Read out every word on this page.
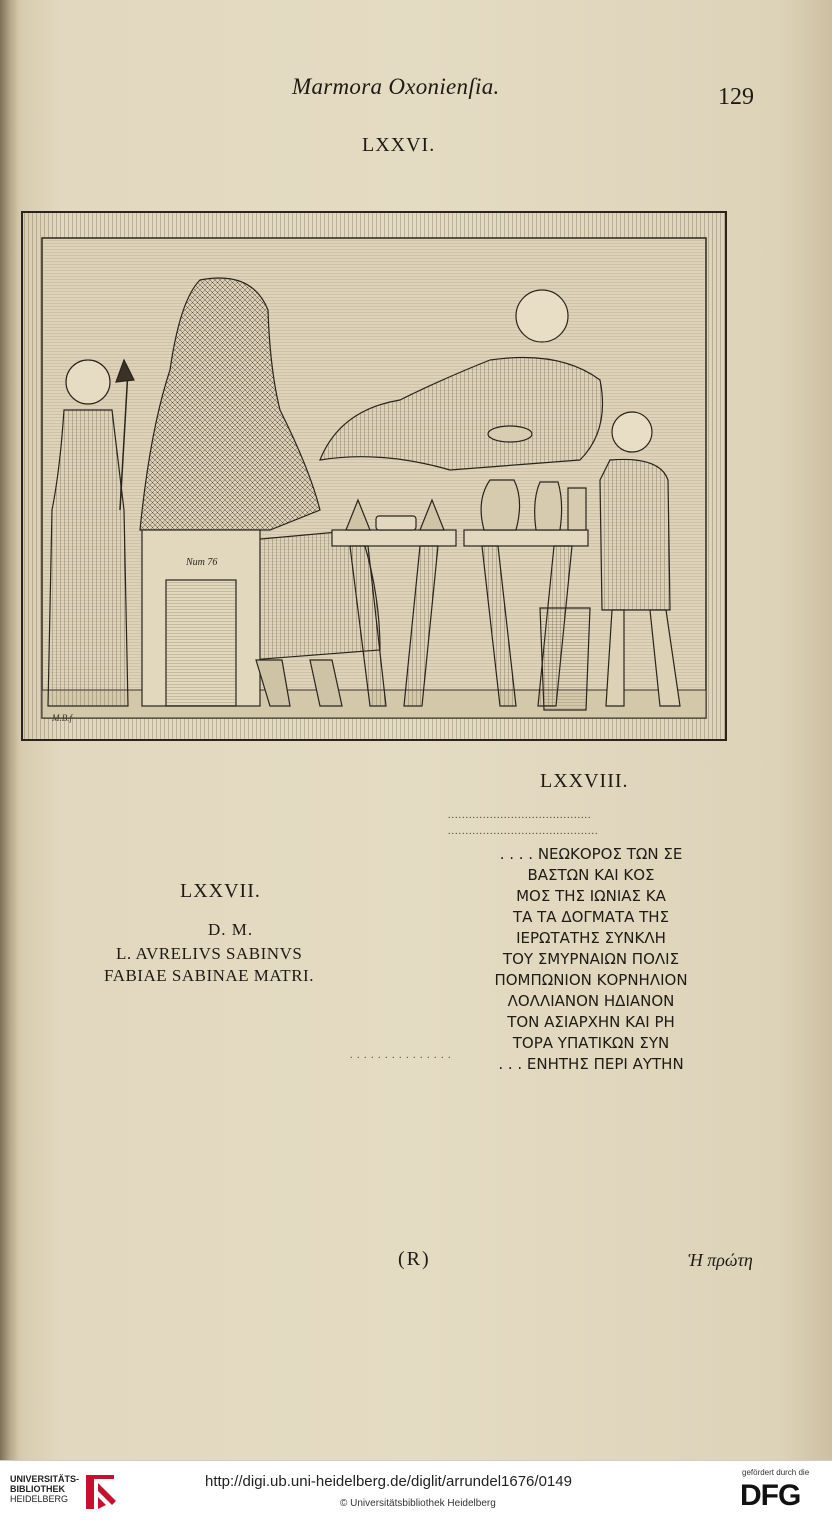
Marmora Oxonienſia.	129
LXXVI.
M.B.f
Num 76
LXXVIII.
.........................................
...........................................
. . . . ΝΕΩΚΟΡΟΣ ΤΩΝ ΣΕ
ΒΑΣΤΩΝ ΚΑΙ ΚΟΣ
ΜΟΣ ΤΗΣ ΙΩΝΙΑΣ ΚΑ
ΤΑ ΤΑ ΔΟΓΜΑΤΑ ΤΗΣ
ΙΕΡΩΤΑΤΗΣ ΣΥΝΚΛΗ
ΤΟΥ ΣΜΥΡΝΑΙΩΝ ΠΟΛΙΣ
ΠΟΜΠΩΝΙΟΝ ΚΟΡΝΗΛΙΟΝ
ΛΟΛΛΙΑΝΟΝ ΗΔΙΑΝΟΝ
ΤΟΝ ΑΣΙΑΡΧΗΝ ΚΑΙ ΡΗ
ΤΟΡΑ ΥΠΑΤΙΚΩΝ ΣΥΝ
. . . ΕΝΗΤΗΣ ΠΕΡΙ ΑΥΤΗΝ
. . . . . . . . . . . . . . .
LXXVII.
D. M.
L. AVRELIVS SABINVS
FABIAE SABINAE MATRI.
(R)	Ἡ πρώτη
UNIVERSITÄTS-
BIBLIOTHEK
HEIDELBERG
http://digi.ub.uni-heidelberg.de/diglit/arrundel1676/0149
© Universitätsbibliothek Heidelberg
gefördert durch die
DFG
